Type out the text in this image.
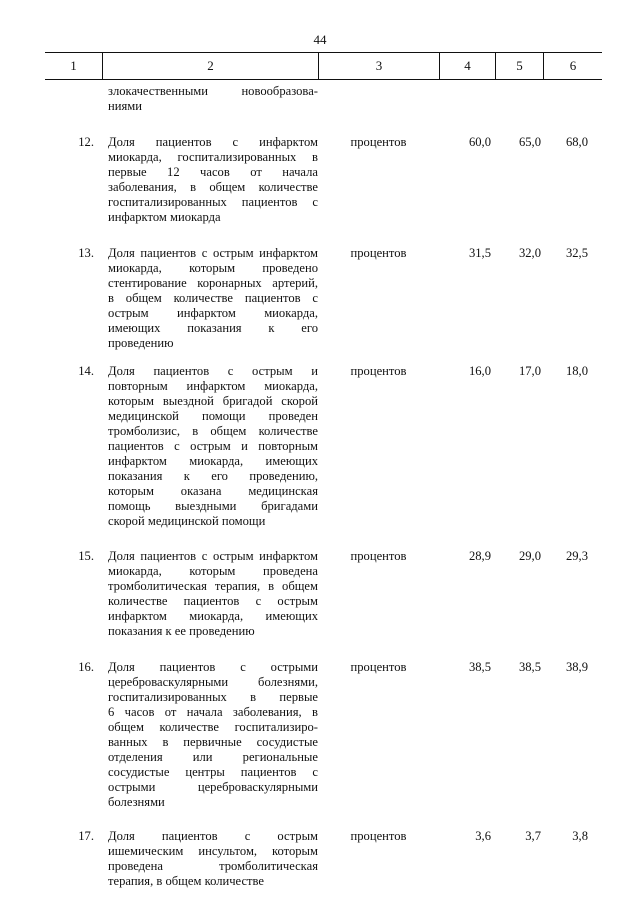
44
1	2	3	4	5	6
злокачественными новообразова-
ниями
12.	Доля пациентов с инфарктом
миокарда, госпитализированных в
первые 12 часов от начала
заболевания, в общем количестве
госпитализированных пациентов с
инфарктом миокарда
процентов	60,0	65,0	68,0
13.	Доля пациентов с острым инфарктом
миокарда, которым проведено
стентирование коронарных артерий,
в общем количестве пациентов с
острым инфарктом миокарда,
имеющих показания к его
проведению
процентов	31,5	32,0	32,5
14.	Доля пациентов с острым и
повторным инфарктом миокарда,
которым выездной бригадой скорой
медицинской помощи проведен
тромболизис, в общем количестве
пациентов с острым и повторным
инфарктом миокарда, имеющих
показания к его проведению,
которым оказана медицинская
помощь выездными бригадами
скорой медицинской помощи
процентов	16,0	17,0	18,0
15.	Доля пациентов с острым инфарктом
миокарда, которым проведена
тромболитическая терапия, в общем
количестве пациентов с острым
инфарктом миокарда, имеющих
показания к ее проведению
процентов	28,9	29,0	29,3
16.	Доля пациентов с острыми
цереброваскулярными болезнями,
госпитализированных в первые
6 часов от начала заболевания, в
общем количестве госпитализиро-
ванных в первичные сосудистые
отделения или региональные
сосудистые центры пациентов с
острыми цереброваскулярными
болезнями
процентов	38,5	38,5	38,9
17.	Доля пациентов с острым
ишемическим инсультом, которым
проведена тромболитическая
терапия, в общем количестве
процентов	3,6	3,7	3,8
